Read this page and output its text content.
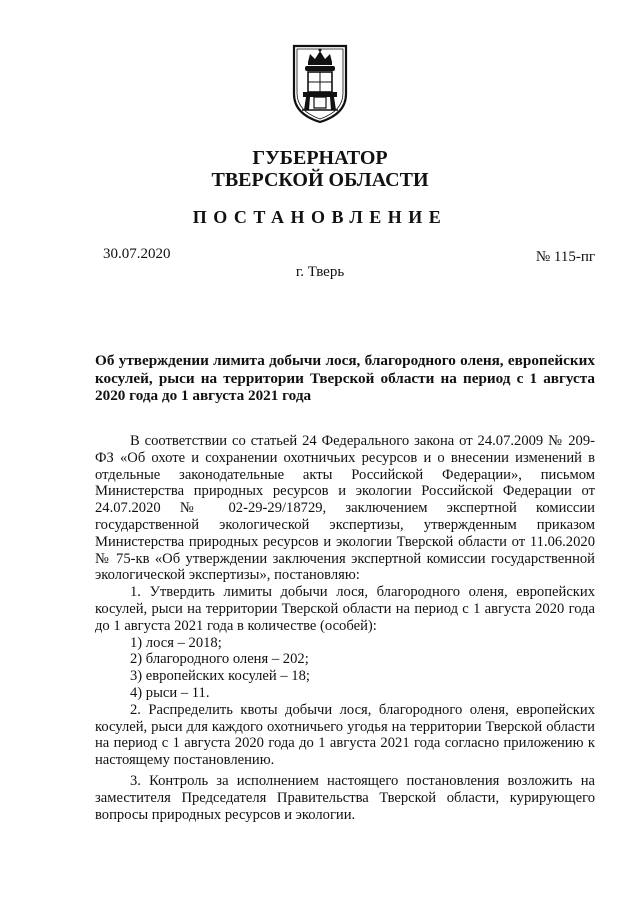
ГУБЕРНАТОР
ТВЕРСКОЙ ОБЛАСТИ
ПОСТАНОВЛЕНИЕ
30.07.2020	№ 115-пг
г. Тверь
Об утверждении лимита добычи лося, благородного оленя, европейских косулей, рыси на территории Тверской области на период с 1 августа 2020 года до 1 августа 2021 года

В соответствии со статьей 24 Федерального закона от 24.07.2009 № 209-ФЗ «Об охоте и сохранении охотничьих ресурсов и о внесении изменений в отдельные законодательные акты Российской Федерации», письмом Министерства природных ресурсов и экологии Российской Федерации от 24.07.2020 № 02-29-29/18729, заключением экспертной комиссии государственной экологической экспертизы, утвержденным приказом Министерства природных ресурсов и экологии Тверской области от 11.06.2020 № 75-кв «Об утверждении заключения экспертной комиссии государственной экологической экспертизы», постановляю:

1. Утвердить лимиты добычи лося, благородного оленя, европейских косулей, рыси на территории Тверской области на период с 1 августа 2020 года до 1 августа 2021 года в количестве (особей):

1) лося – 2018;

2) благородного оленя – 202;

3) европейских косулей – 18;

4) рыси – 11.

2. Распределить квоты добычи лося, благородного оленя, европейских косулей, рыси для каждого охотничьего угодья на территории Тверской области на период с 1 августа 2020 года до 1 августа 2021 года согласно приложению к настоящему постановлению.

3. Контроль за исполнением настоящего постановления возложить на заместителя Председателя Правительства Тверской области, курирующего вопросы природных ресурсов и экологии.
